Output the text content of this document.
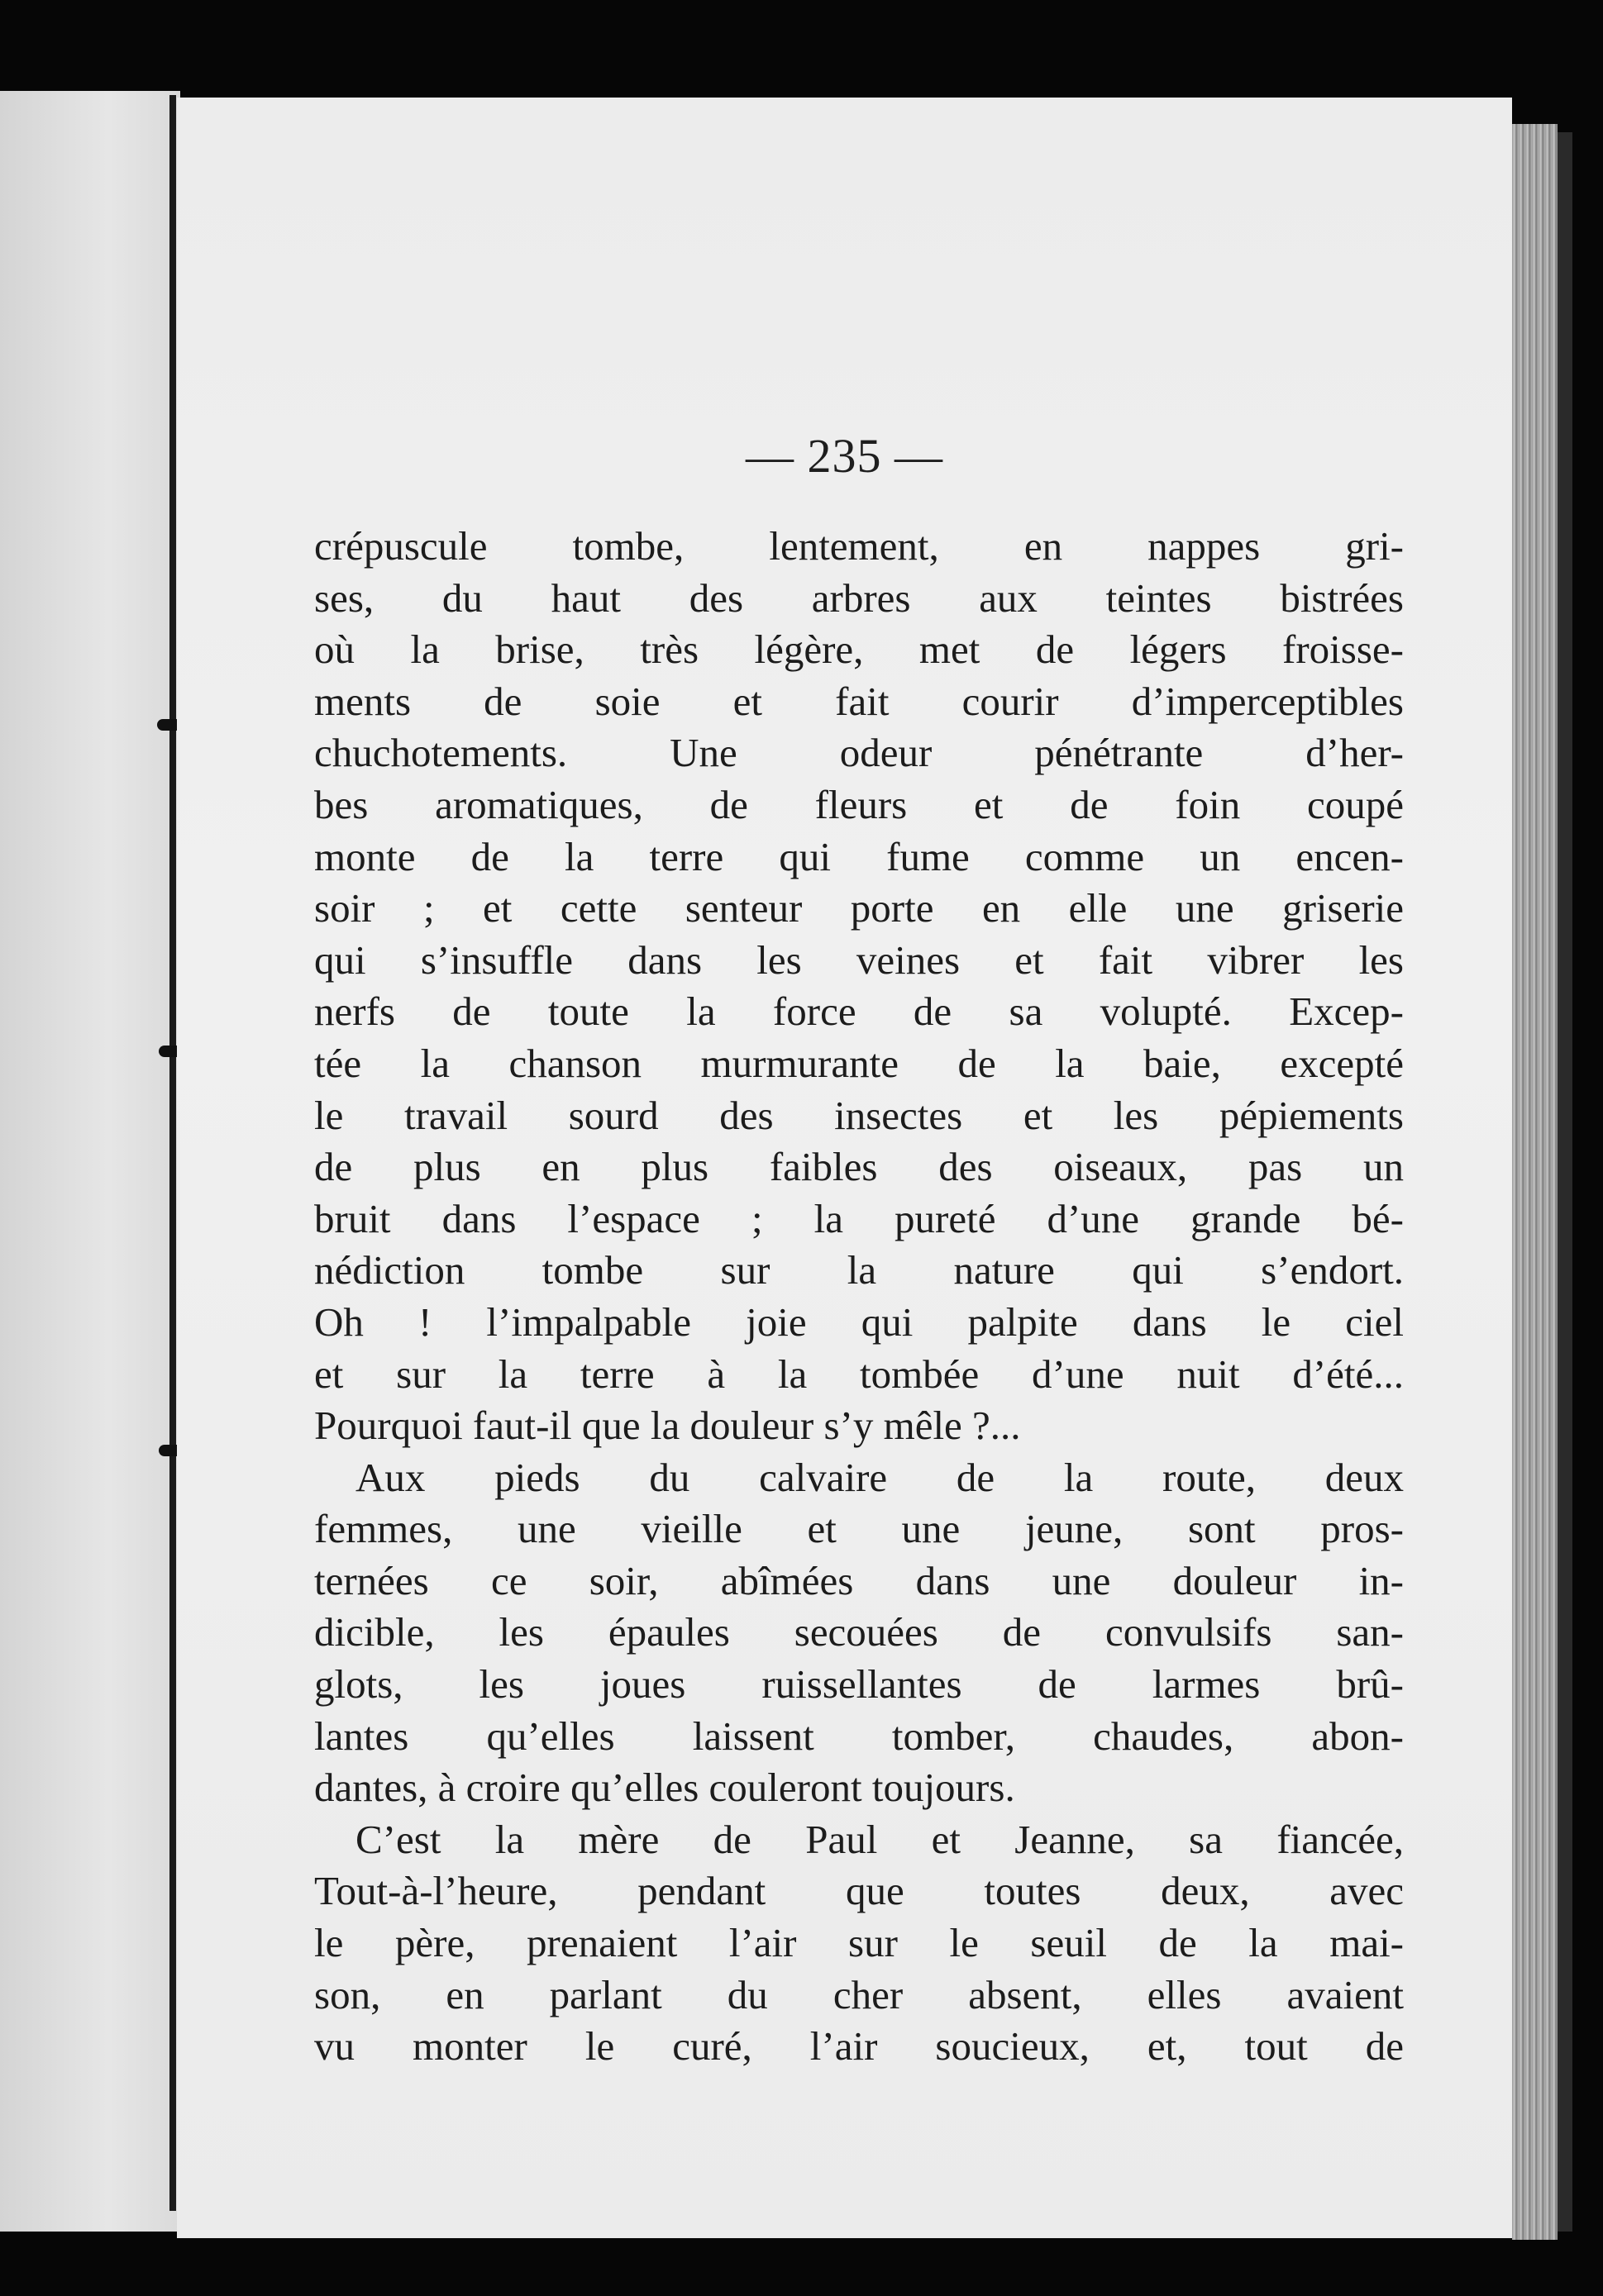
— 235 —
crépuscule tombe, lentement, en nappes gri-
ses, du haut des arbres aux teintes bistrées
où la brise, très légère, met de légers froisse-
ments de soie et fait courir d’imperceptibles
chuchotements. Une odeur pénétrante d’her-
bes aromatiques, de fleurs et de foin coupé
monte de la terre qui fume comme un encen-
soir ; et cette senteur porte en elle une griserie
qui s’insuffle dans les veines et fait vibrer les
nerfs de toute la force de sa volupté. Excep-
tée la chanson murmurante de la baie, excepté
le travail sourd des insectes et les pépiements
de plus en plus faibles des oiseaux, pas un
bruit dans l’espace ; la pureté d’une grande bé-
nédiction tombe sur la nature qui s’endort.
Oh ! l’impalpable joie qui palpite dans le ciel
et sur la terre à la tombée d’une nuit d’été...
Pourquoi faut-il que la douleur s’y mêle ?...
Aux pieds du calvaire de la route, deux
femmes, une vieille et une jeune, sont pros-
ternées ce soir, abîmées dans une douleur in-
dicible, les épaules secouées de convulsifs san-
glots, les joues ruissellantes de larmes brû-
lantes qu’elles laissent tomber, chaudes, abon-
dantes, à croire qu’elles couleront toujours.
C’est la mère de Paul et Jeanne, sa fiancée,
Tout-à-l’heure, pendant que toutes deux, avec
le père, prenaient l’air sur le seuil de la mai-
son, en parlant du cher absent, elles avaient
vu monter le curé, l’air soucieux, et, tout de
